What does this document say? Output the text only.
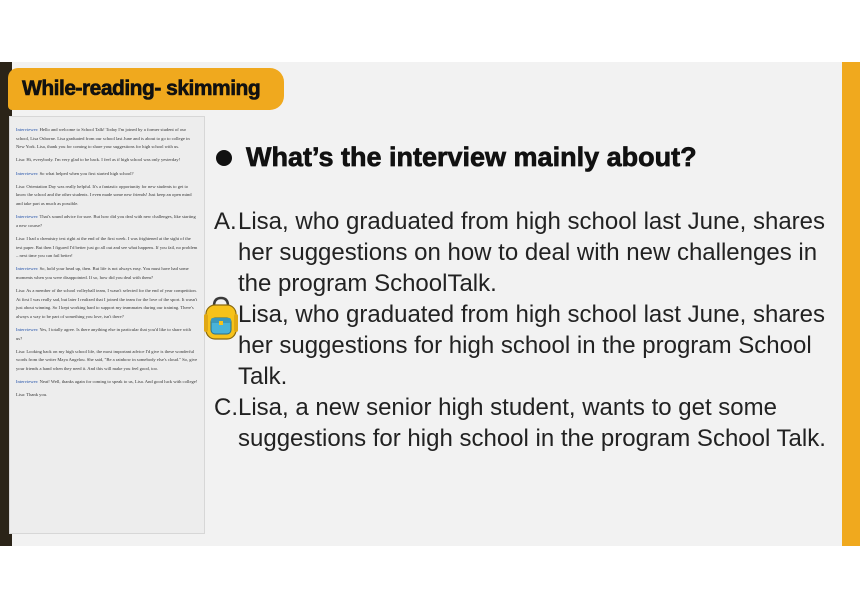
While-reading- skimming

Interviewer: Hello and welcome to School Talk! Today I'm joined by a former student of our school, Lisa Osborne. Lisa graduated from our school last June and is about to go to college in New York. Lisa, thank you for coming to share your suggestions for high school with us.

Lisa: Hi, everybody. I'm very glad to be back. I feel as if high school was only yesterday!

Interviewer: So what helped when you first started high school?

Lisa: Orientation Day was really helpful. It's a fantastic opportunity for new students to get to know the school and the other students. I even made some new friends! Just keep an open mind and take part as much as possible.

Interviewer: That's sound advice for sure. But how did you deal with new challenges, like starting a new course?

Lisa: I had a chemistry test right at the end of the first week. I was frightened at the sight of the test paper. But then I figured I'd better just go all out and see what happens. If you fail, no problem – next time you can fail better!

Interviewer: So, hold your head up, then. But life is not always easy. You must have had some moments when you were disappointed. If so, how did you deal with them?

Lisa: As a member of the school volleyball team, I wasn't selected for the end of year competition. At first I was really sad, but later I realized that I joined the team for the love of the sport. It wasn't just about winning. So I kept working hard to support my teammates during our training. There's always a way to be part of something you love, isn't there?

Interviewer: Yes, I totally agree. Is there anything else in particular that you'd like to share with us?

Lisa: Looking back on my high school life, the most important advice I'd give is these wonderful words from the writer Maya Angelou. She said, "Be a rainbow in somebody else's cloud." So, give your friends a hand when they need it. And this will make you feel good, too.

Interviewer: Neat! Well, thanks again for coming to speak to us, Lisa. And good luck with college!

Lisa: Thank you.

What’s the interview mainly about?
A. Lisa, who graduated from high school last June, shares her suggestions on how to deal with new challenges in the program SchoolTalk.
Lisa, who graduated from high school last June, shares her suggestions for high school in the program School Talk.
C. Lisa, a new senior high student, wants to get some suggestions for high school in the program School Talk.
